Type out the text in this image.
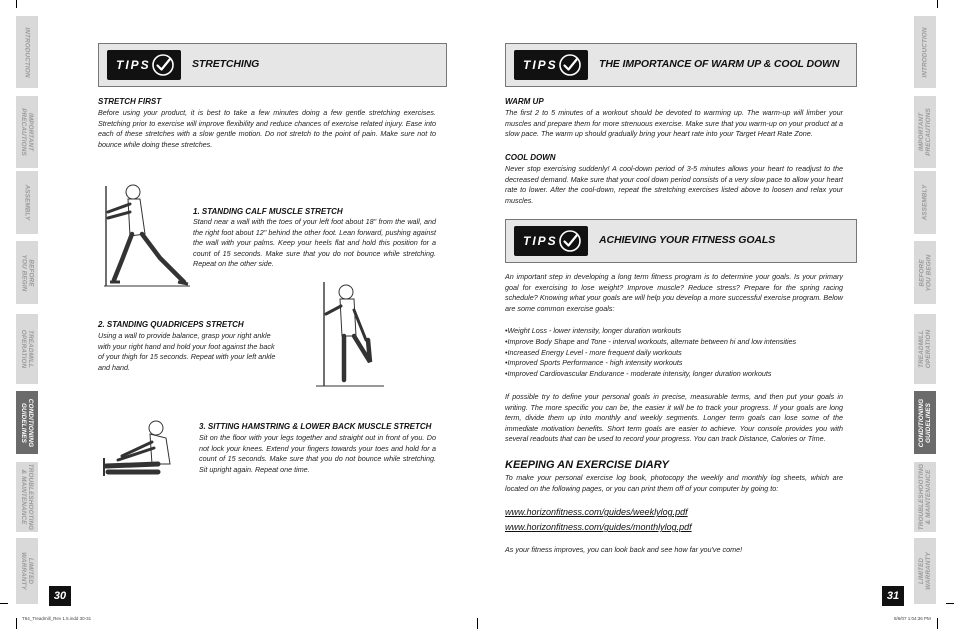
INTRODUCTION
IMPORTANT
PRECAUTIONS
ASSEMBLY
BEFORE
YOU BEGIN
TREADMILL
OPERATION
CONDITIONING
GUIDELINES
TROUBLESHOOTING
& MAINTENANCE
LIMITED
WARRANTY
INTRODUCTION
IMPORTANT
PRECAUTIONS
ASSEMBLY
BEFORE
YOU BEGIN
TREADMILL
OPERATION
CONDITIONING
GUIDELINES
TROUBLESHOOTING
& MAINTENANCE
LIMITED
WARRANTY
30	31
TIPS	STRETCHING
STRETCH FIRST
Before using your product, it is best to take a few minutes doing a few gentle stretching exercises. Stretching prior to exercise will improve flexibility and reduce chances of exercise related injury. Ease into each of these stretches with a slow gentle motion. Do not stretch to the point of pain. Make sure not to bounce while doing these stretches.
1. STANDING CALF MUSCLE STRETCH
Stand near a wall with the toes of your left foot about 18" from the wall, and the right foot about 12" behind the other foot. Lean forward, pushing against the wall with your palms. Keep your heels flat and hold this position for a count of 15 seconds. Make sure that you do not bounce while stretching. Repeat on the other side.
2. STANDING QUADRICEPS STRETCH
Using a wall to provide balance, grasp your right ankle with your right hand and hold your foot against the back of your thigh for 15 seconds. Repeat with your left ankle and hand.
3. SITTING HAMSTRING & LOWER BACK MUSCLE STRETCH
Sit on the floor with your legs together and straight out in front of you. Do not lock your knees. Extend your fingers towards your toes and hold for a count of 15 seconds. Make sure that you do not bounce while stretching. Sit upright again. Repeat one time.
TIPS	THE IMPORTANCE OF WARM UP & COOL DOWN
WARM UP
The first 2 to 5 minutes of a workout should be devoted to warming up. The warm-up will limber your muscles and prepare them for more strenuous exercise. Make sure that you warm-up on your product at a slow pace. The warm up should gradually bring your heart rate into your Target Heart Rate Zone.
COOL DOWN
Never stop exercising suddenly! A cool-down period of 3-5 minutes allows your heart to readjust to the decreased demand. Make sure that your cool down period consists of a very slow pace to allow your heart rate to lower. After the cool-down, repeat the stretching exercises listed above to loosen and relax your muscles.
TIPS	ACHIEVING YOUR FITNESS GOALS
An important step in developing a long term fitness program is to determine your goals. Is your primary goal for exercising to lose weight? Improve muscle? Reduce stress? Prepare for the spring racing schedule? Knowing what your goals are will help you develop a more successful exercise program. Below are some common exercise goals:
• Weight Loss - lower intensity, longer duration workouts
• Improve Body Shape and Tone - interval workouts, alternate between hi and low intensities
• Increased Energy Level - more frequent daily workouts
• Improved Sports Performance - high intensity workouts
• Improved Cardiovascular Endurance - moderate intensity, longer duration workouts
If possible try to define your personal goals in precise, measurable terms, and then put your goals in writing. The more specific you can be, the easier it will be to track your progress. If your goals are long term, divide them up into monthly and weekly segments. Longer term goals can lose some of the immediate motivation benefits. Short term goals are easier to achieve. Your console provides you with several readouts that can be used to record your progress. You can track Distance, Calories or Time.
KEEPING AN EXERCISE DIARY
To make your personal exercise log book, photocopy the weekly and monthly log sheets, which are located on the following pages, or you can print them off of your computer by going to:
www.horizonfitness.com/guides/weeklylog.pdf
www.horizonfitness.com/guides/monthlylog.pdf
As your fitness improves, you can look back and see how far you've come!
T64_Treadmill_Rev 1.5.indd 30-31	8/6/07 1:04:36 PM
